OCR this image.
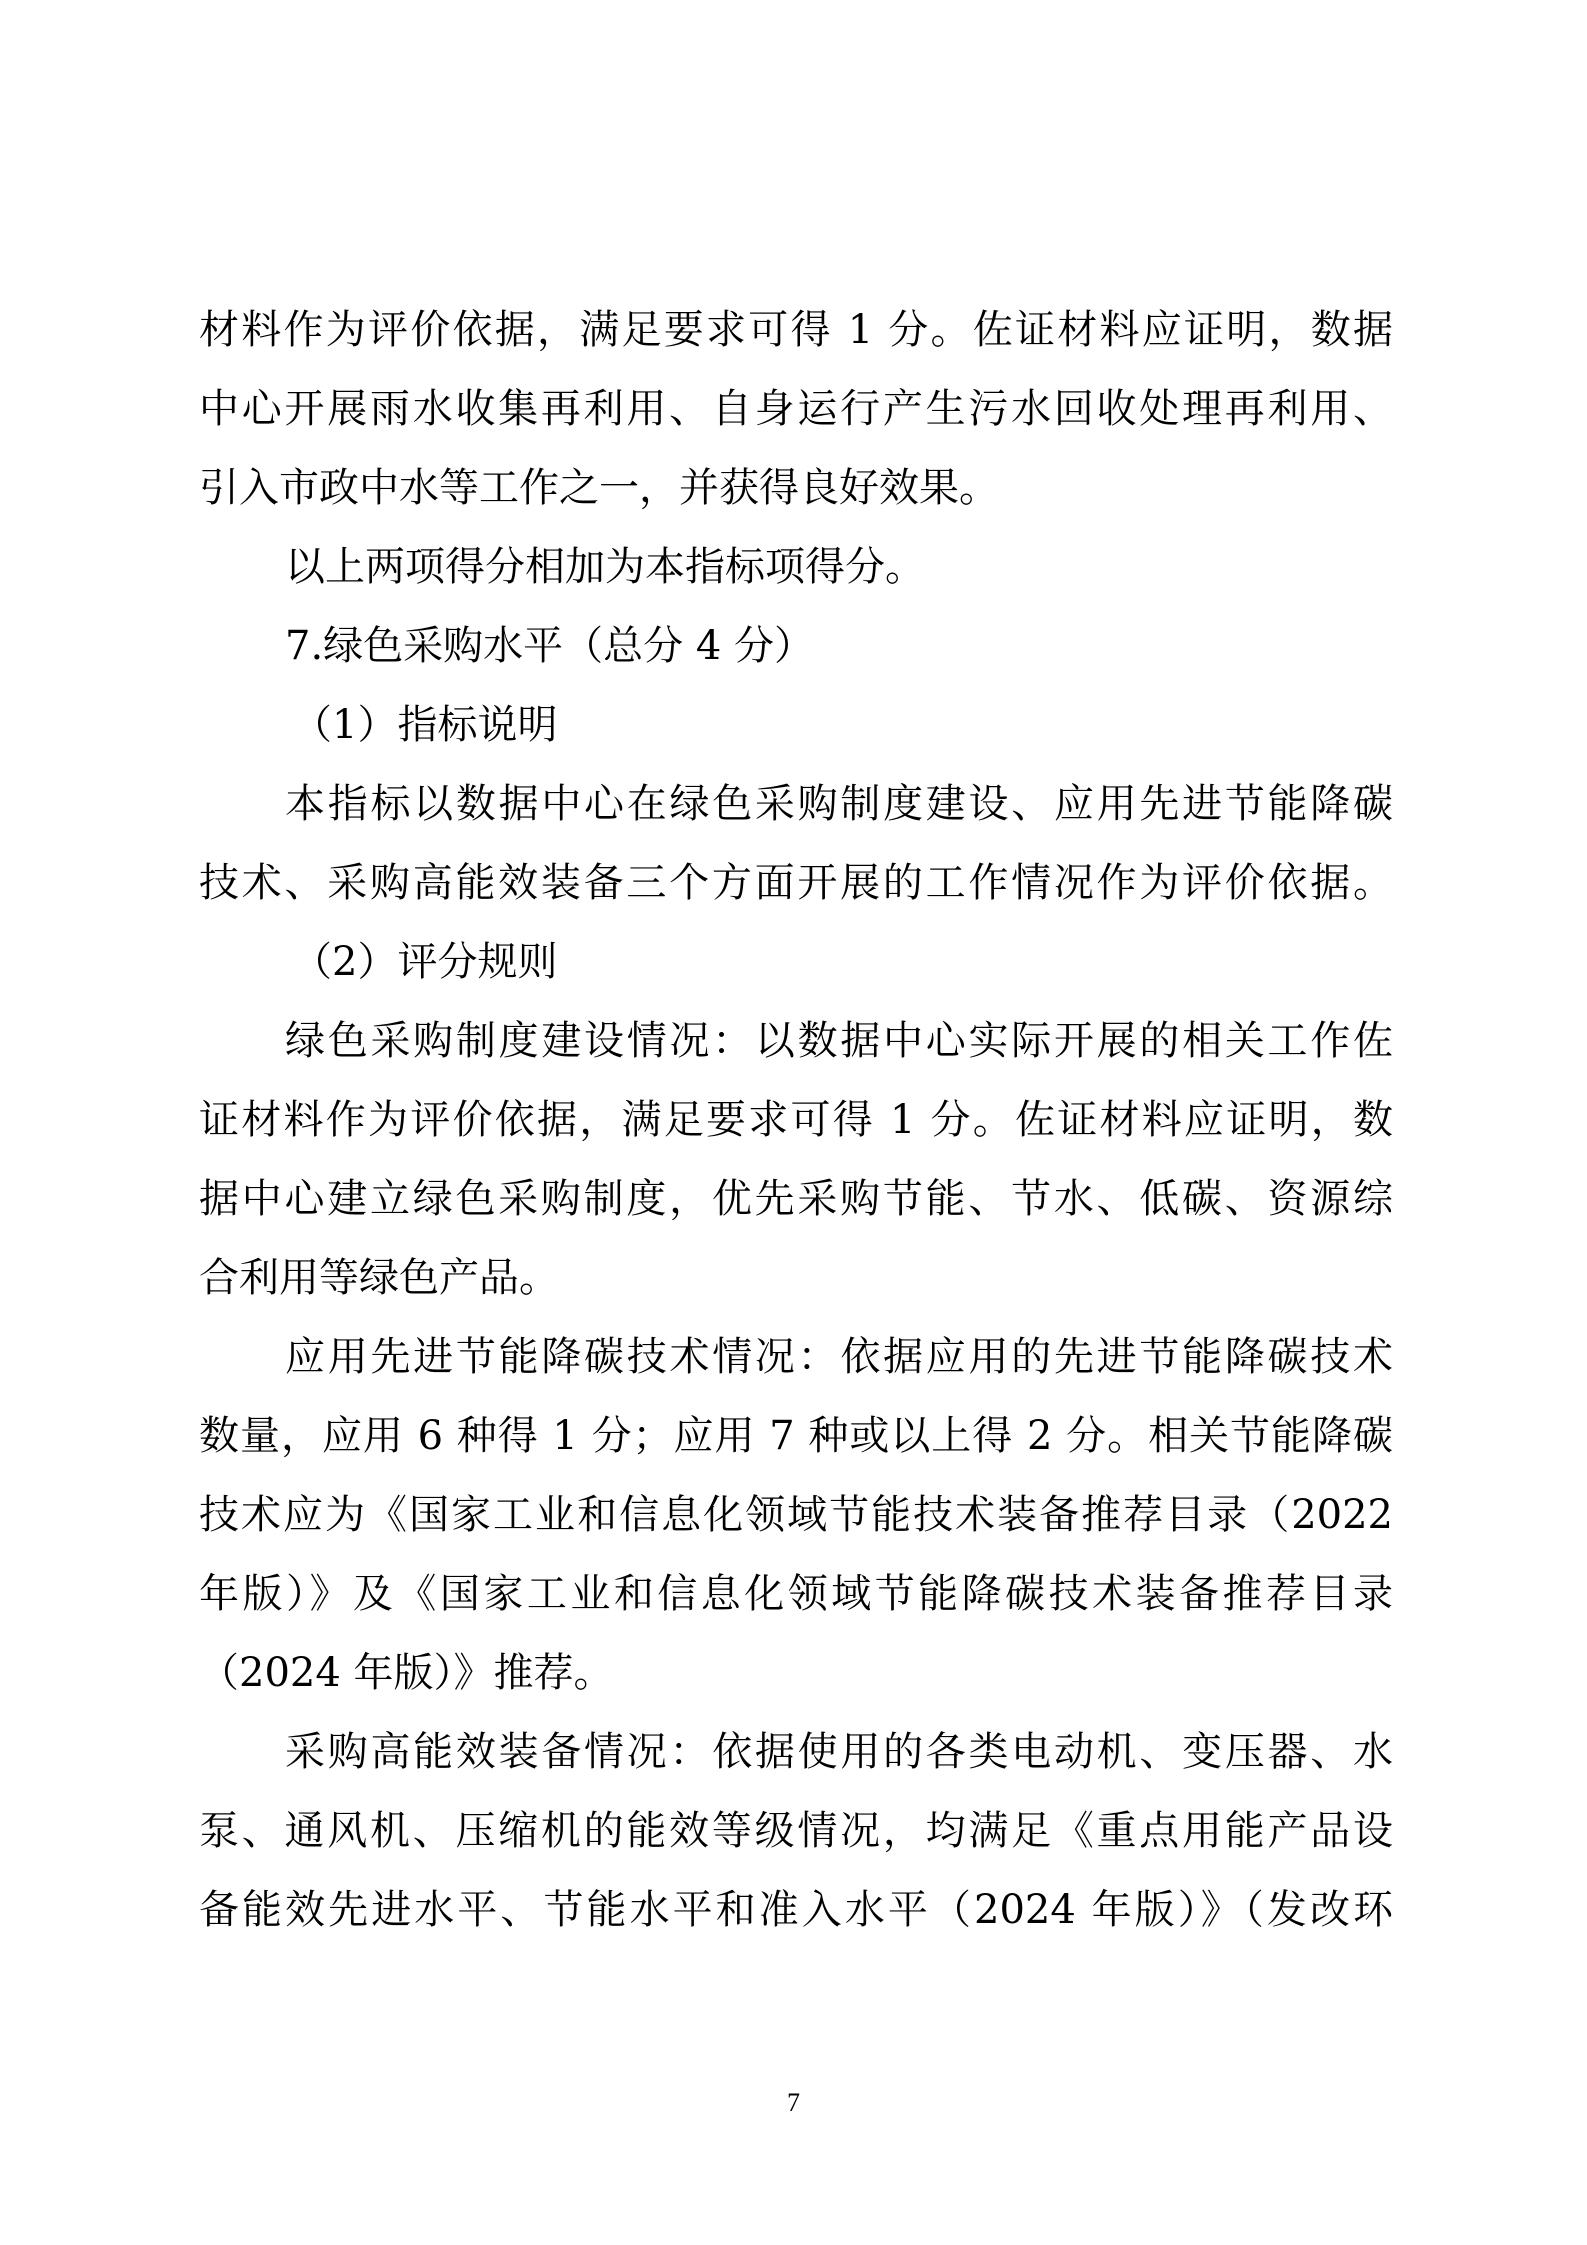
材料作为评价依据，满足要求可得 1 分。佐证材料应证明，数据
中心开展雨水收集再利用、自身运行产生污水回收处理再利用、
引入市政中水等工作之一，并获得良好效果。
以上两项得分相加为本指标项得分。
7.绿色采购水平（总分 4 分）
（1）指标说明
本指标以数据中心在绿色采购制度建设、应用先进节能降碳
技术、采购高能效装备三个方面开展的工作情况作为评价依据。
（2）评分规则
绿色采购制度建设情况：以数据中心实际开展的相关工作佐
证材料作为评价依据，满足要求可得 1 分。佐证材料应证明，数
据中心建立绿色采购制度，优先采购节能、节水、低碳、资源综
合利用等绿色产品。
应用先进节能降碳技术情况：依据应用的先进节能降碳技术
数量，应用 6 种得 1 分；应用 7 种或以上得 2 分。相关节能降碳
技术应为《国家工业和信息化领域节能技术装备推荐目录（2022
年版）》及《国家工业和信息化领域节能降碳技术装备推荐目录
（2024 年版）》推荐。
采购高能效装备情况：依据使用的各类电动机、变压器、水
泵、通风机、压缩机的能效等级情况，均满足《重点用能产品设
备能效先进水平、节能水平和准入水平（2024 年版）》（发改环
7
